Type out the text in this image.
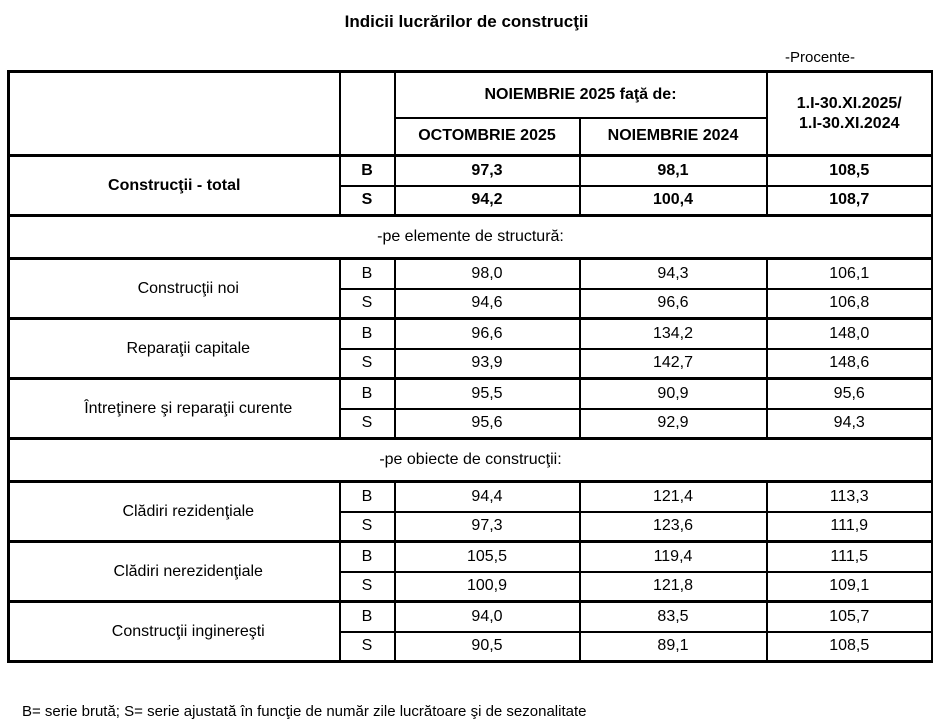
Indicii lucrărilor de construcţii
-Procente-
		NOIEMBRIE 2025 faţă de:		1.I-30.XI.2025/
1.I-30.XI.2024

		OCTOMBRIE 2025	NOIEMBRIE 2024	
Construcţii - total	B	97,3	98,1	108,5
	S	94,2	100,4	108,7
-pe elemente de structură:				
Construcţii noi	B	98,0	94,3	106,1
	S	94,6	96,6	106,8
Reparaţii capitale	B	96,6	134,2	148,0
	S	93,9	142,7	148,6
Întreţinere şi reparaţii curente	B	95,5	90,9	95,6
	S	95,6	92,9	94,3
-pe obiecte de construcţii:				
Clădiri rezidenţiale	B	94,4	121,4	113,3
	S	97,3	123,6	111,9
Clădiri nerezidenţiale	B	105,5	119,4	111,5
	S	100,9	121,8	109,1
Construcţii inginereşti	B	94,0	83,5	105,7
	S	90,5	89,1	108,5
B= serie brută; S= serie ajustată în funcţie de număr zile lucrătoare şi de sezonalitate
